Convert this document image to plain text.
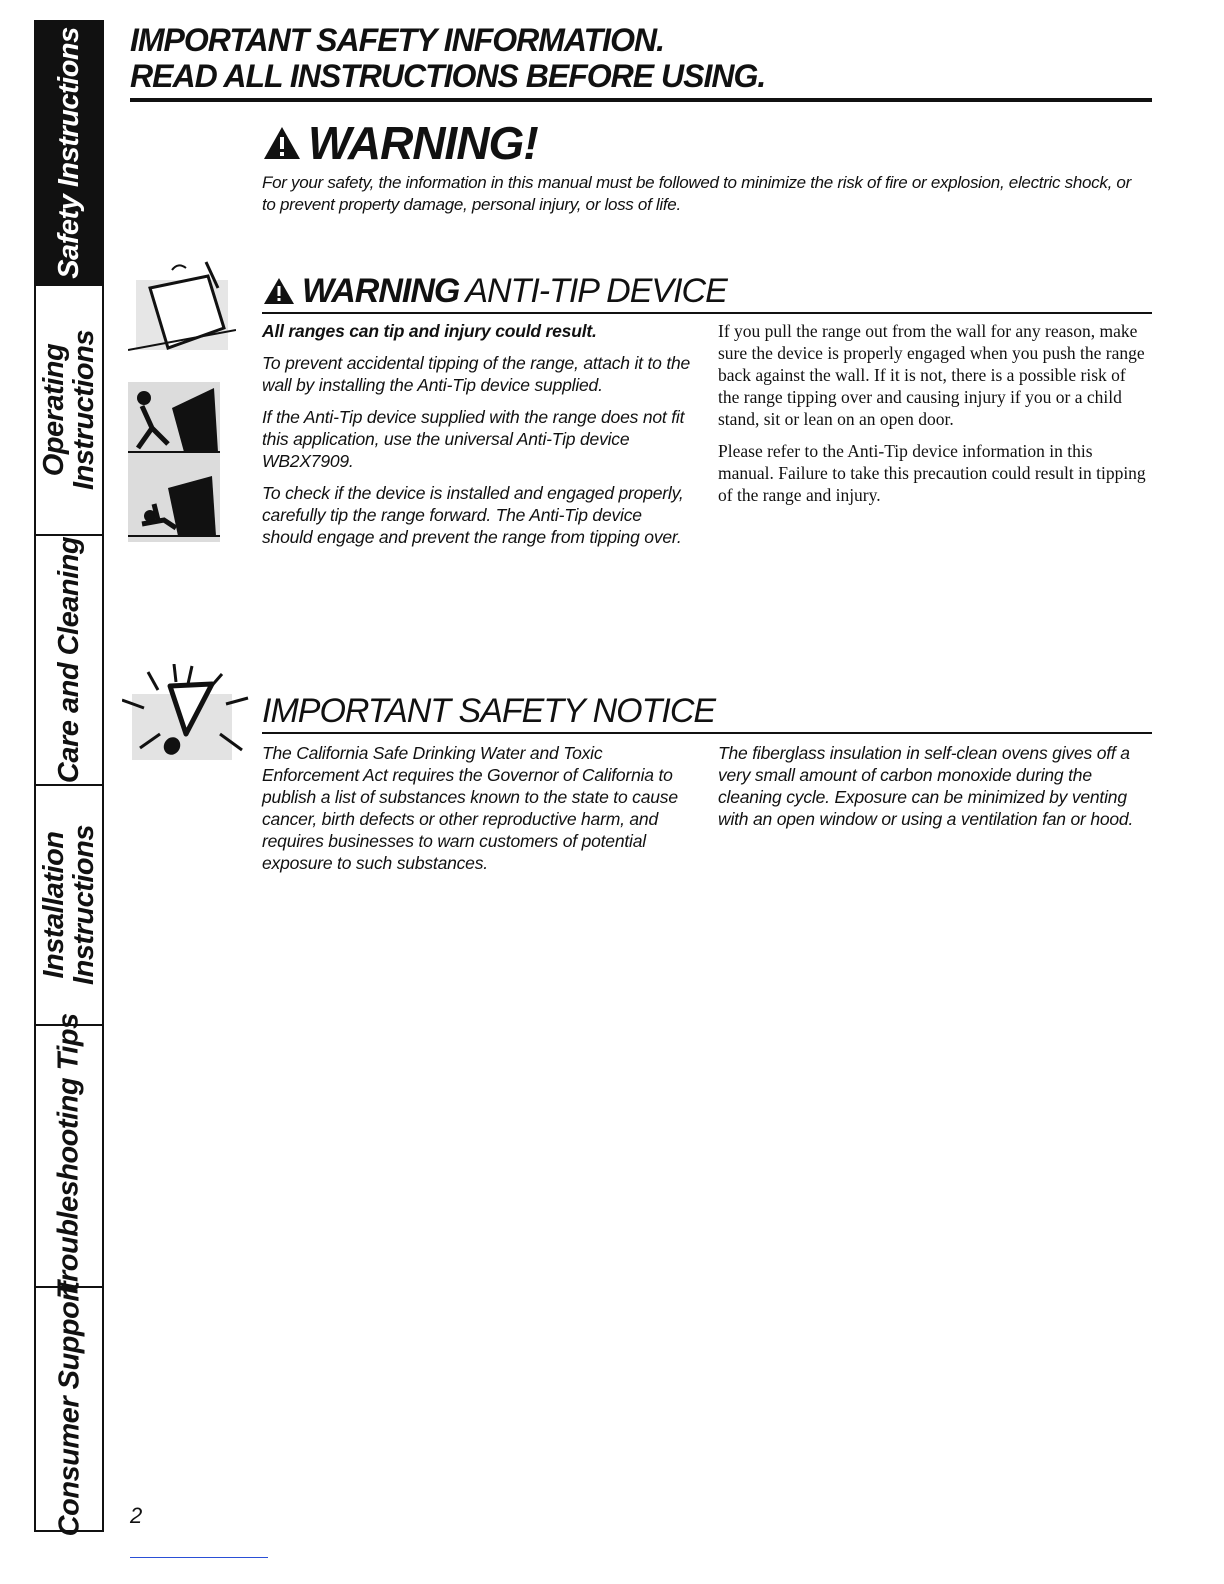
Safety Instructions
Operating
Instructions
Care and Cleaning
Installation
Instructions
Troubleshooting Tips
Consumer Support
IMPORTANT SAFETY INFORMATION.
READ ALL INSTRUCTIONS BEFORE USING.
WARNING!
For your safety, the information in this manual must be followed to minimize the risk of fire or explosion, electric shock, or to prevent property damage, personal injury, or loss of life.
WARNING ANTI-TIP DEVICE

All ranges can tip and injury could result.

To prevent accidental tipping of the range, attach it to the wall by installing the Anti-Tip device supplied.

If the Anti-Tip device supplied with the range does not fit this application, use the universal Anti-Tip device WB2X7909.

To check if the device is installed and engaged properly, carefully tip the range forward. The Anti-Tip device should engage and prevent the range from tipping over.

If you pull the range out from the wall for any reason, make sure the device is properly engaged when you push the range back against the wall. If it is not, there is a possible risk of the range tipping over and causing injury if you or a child stand, sit or lean on an open door.

Please refer to the Anti-Tip device information in this manual. Failure to take this precaution could result in tipping of the range and injury.

IMPORTANT SAFETY NOTICE

The California Safe Drinking Water and Toxic Enforcement Act requires the Governor of California to publish a list of substances known to the state to cause cancer, birth defects or other reproductive harm, and requires businesses to warn customers of potential exposure to such substances.

The fiberglass insulation in self-clean ovens gives off a very small amount of carbon monoxide during the cleaning cycle. Exposure can be minimized by venting with an open window or using a ventilation fan or hood.

2
